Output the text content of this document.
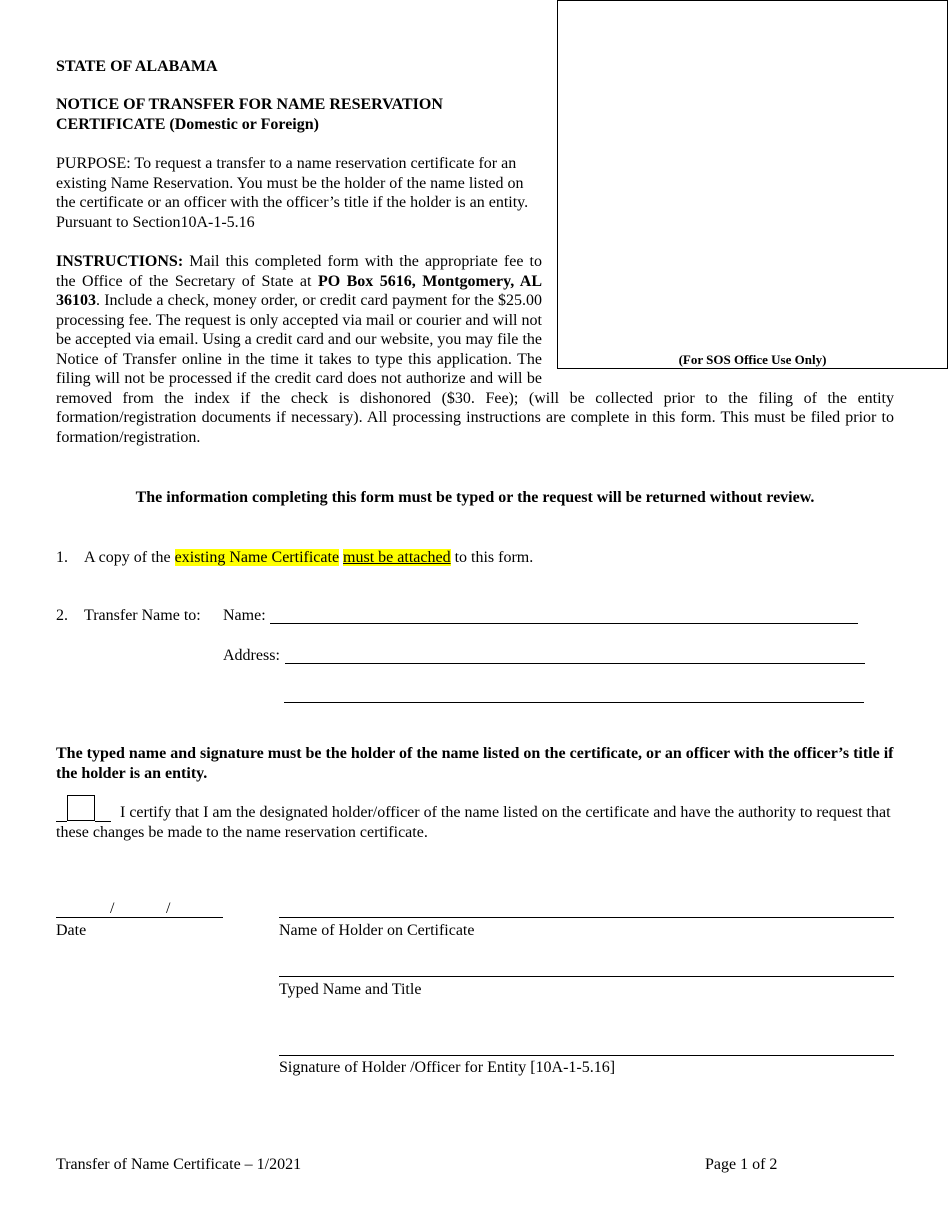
(For SOS Office Use Only)
STATE OF ALABAMA
NOTICE OF TRANSFER FOR NAME RESERVATION CERTIFICATE (Domestic or Foreign)
PURPOSE: To request a transfer to a name reservation certificate for an existing Name Reservation. You must be the holder of the name listed on the certificate or an officer with the officer’s title if the holder is an entity. Pursuant to Section10A-1-5.16
INSTRUCTIONS: Mail this completed form with the appropriate fee to the Office of the Secretary of State at PO Box 5616, Montgomery, AL 36103. Include a check, money order, or credit card payment for the $25.00 processing fee. The request is only accepted via mail or courier and will not be accepted via email. Using a credit card and our website, you may file the Notice of Transfer online in the time it takes to type this application. The filing will not be processed if the credit card does not authorize and will be removed from the index if the check is dishonored ($30. Fee); (will be collected prior to the filing of the entity formation/registration documents if necessary). All processing instructions are complete in this form. This must be filed prior to formation/registration.
The information completing this form must be typed or the request will be returned without review.
1. A copy of the existing Name Certificate must be attached to this form.
2. Transfer Name to: Name:
Address:
The typed name and signature must be the holder of the name listed on the certificate, or an officer with the officer’s title if the holder is an entity.
I certify that I am the designated holder/officer of the name listed on the certificate and have the authority to request that these changes be made to the name reservation certificate.
/	/
Date	Name of Holder on Certificate
Typed Name and Title
Signature of Holder /Officer for Entity [10A-1-5.16]
Transfer of Name Certificate – 1/2021	Page 1 of 2
